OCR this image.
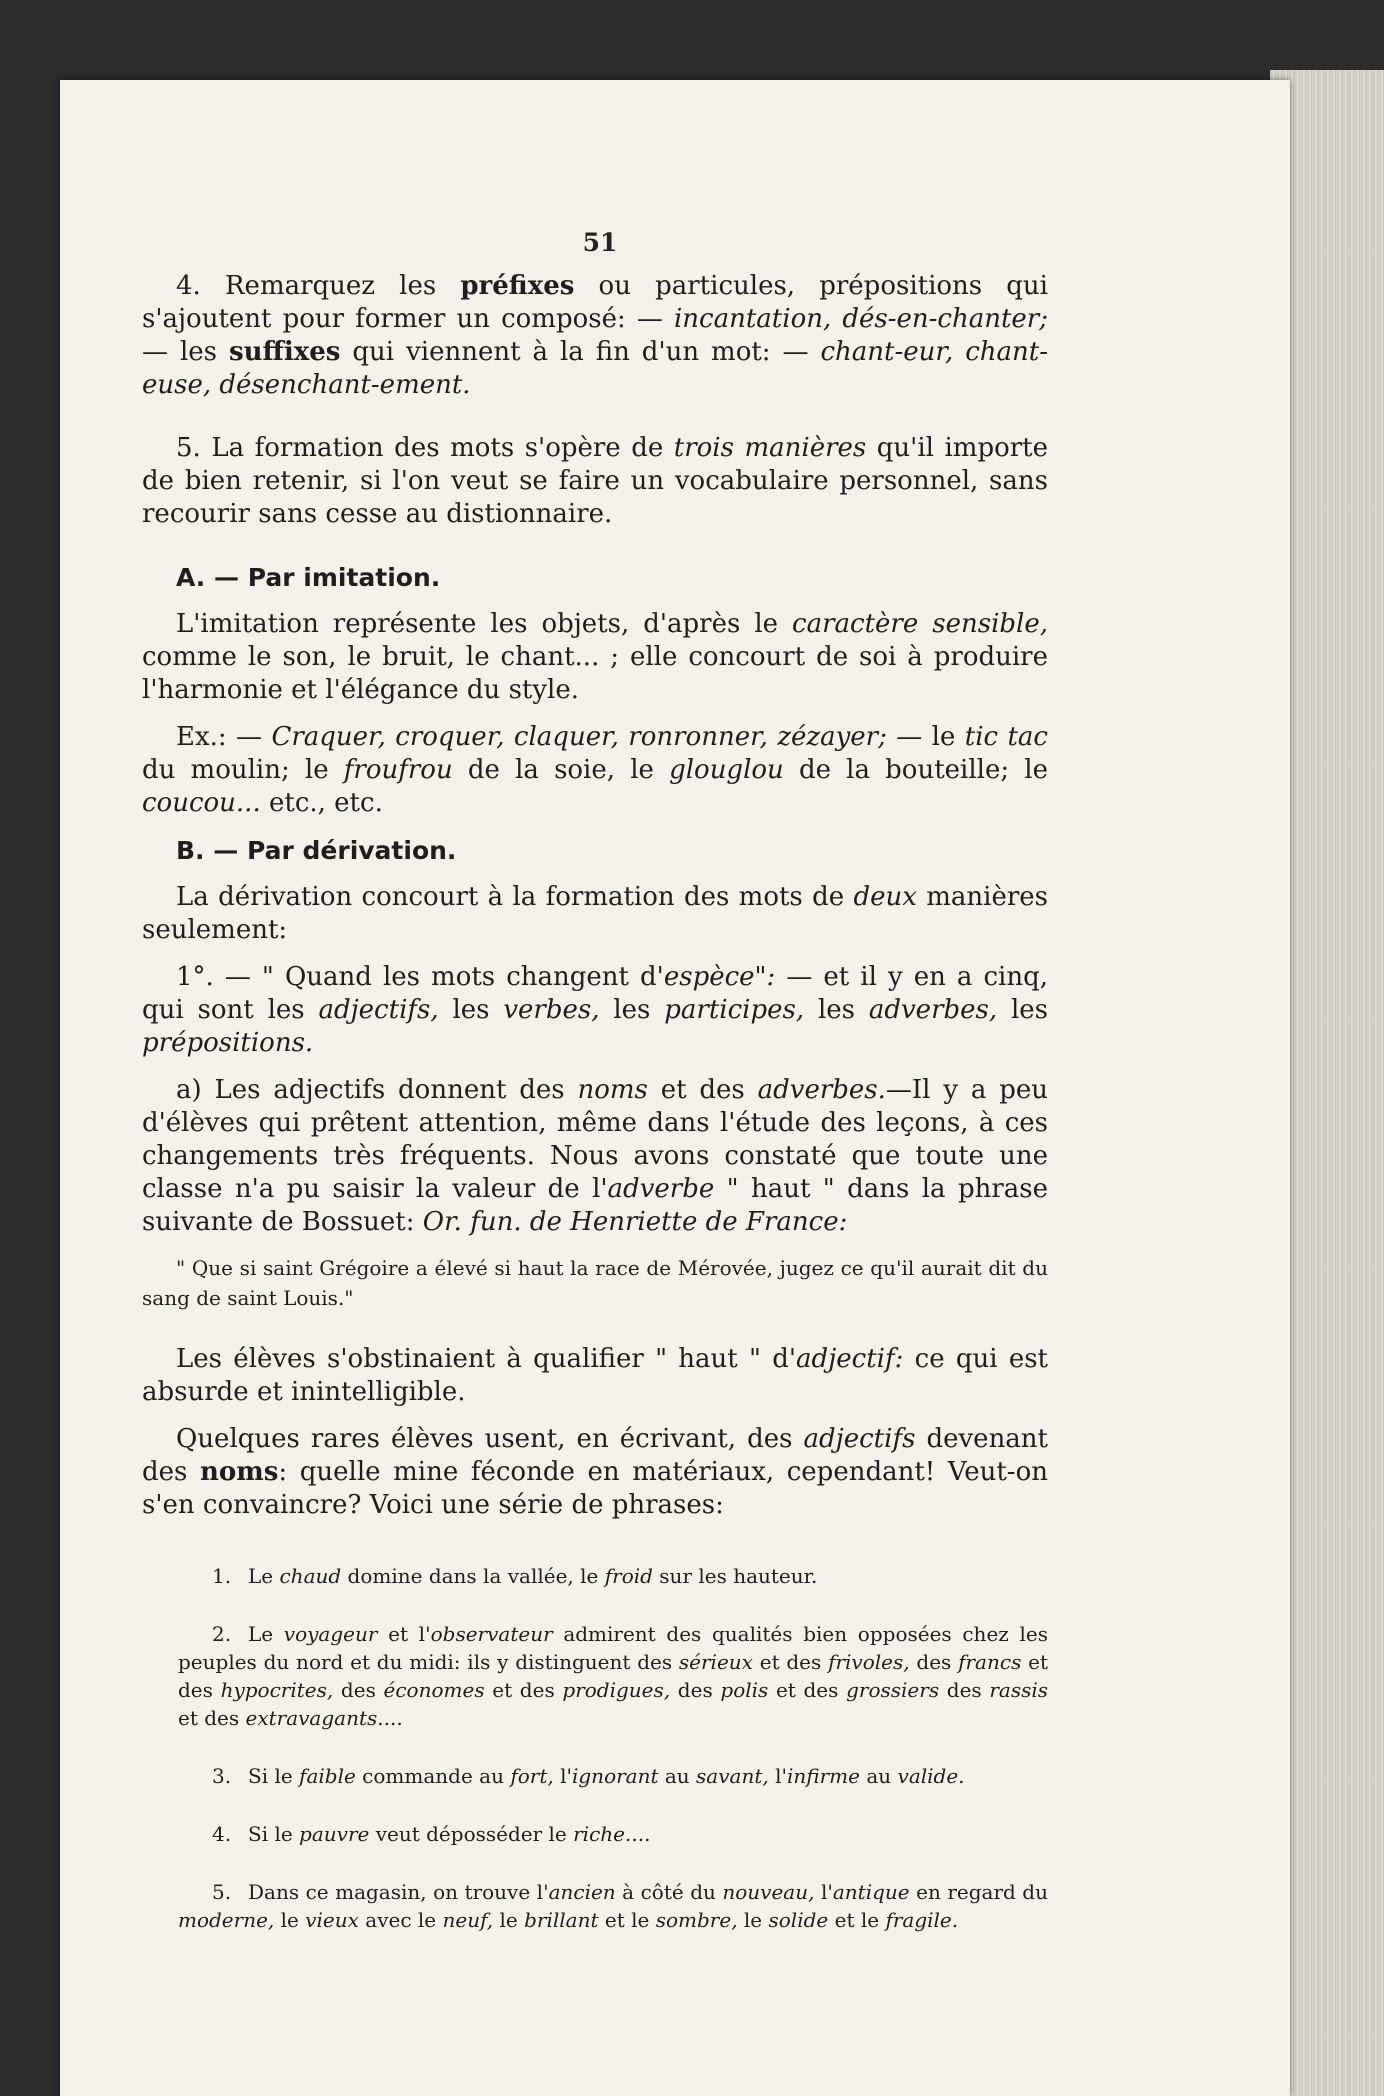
51

4. Remarquez les préfixes ou particules, prépositions qui s'ajoutent pour former un composé: — incantation, dés-en-chanter; — les suffixes qui viennent à la fin d'un mot: — chant-eur, chant-euse, désenchant-ement.

5. La formation des mots s'opère de trois manières qu'il importe de bien retenir, si l'on veut se faire un vocabulaire personnel, sans recourir sans cesse au distionnaire.

A. — Par imitation.

L'imitation représente les objets, d'après le caractère sensible, comme le son, le bruit, le chant... ; elle concourt de soi à produire l'harmonie et l'élégance du style.

Ex.: — Craquer, croquer, claquer, ronronner, zézayer; — le tic tac du moulin; le froufrou de la soie, le glouglou de la bouteille; le coucou... etc., etc.

B. — Par dérivation.

La dérivation concourt à la formation des mots de deux manières seulement:

1°. — " Quand les mots changent d'espèce": — et il y en a cinq, qui sont les adjectifs, les verbes, les participes, les adverbes, les prépositions.

a) Les adjectifs donnent des noms et des adverbes.—Il y a peu d'élèves qui prêtent attention, même dans l'étude des leçons, à ces changements très fréquents. Nous avons constaté que toute une classe n'a pu saisir la valeur de l'adverbe " haut " dans la phrase suivante de Bossuet: Or. fun. de Henriette de France:

" Que si saint Grégoire a élevé si haut la race de Mérovée, jugez ce qu'il aurait dit du sang de saint Louis."

Les élèves s'obstinaient à qualifier " haut " d'adjectif: ce qui est absurde et inintelligible.

Quelques rares élèves usent, en écrivant, des adjectifs devenant des noms: quelle mine féconde en matériaux, cependant! Veut-on s'en convaincre? Voici une série de phrases:

1. Le chaud domine dans la vallée, le froid sur les hauteur.

2. Le voyageur et l'observateur admirent des qualités bien opposées chez les peuples du nord et du midi: ils y distinguent des sérieux et des frivoles, des francs et des hypocrites, des économes et des prodigues, des polis et des grossiers des rassis et des extravagants....

3. Si le faible commande au fort, l'ignorant au savant, l'infirme au valide.

4. Si le pauvre veut déposséder le riche....

5. Dans ce magasin, on trouve l'ancien à côté du nouveau, l'antique en regard du moderne, le vieux avec le neuf, le brillant et le sombre, le solide et le fragile.
